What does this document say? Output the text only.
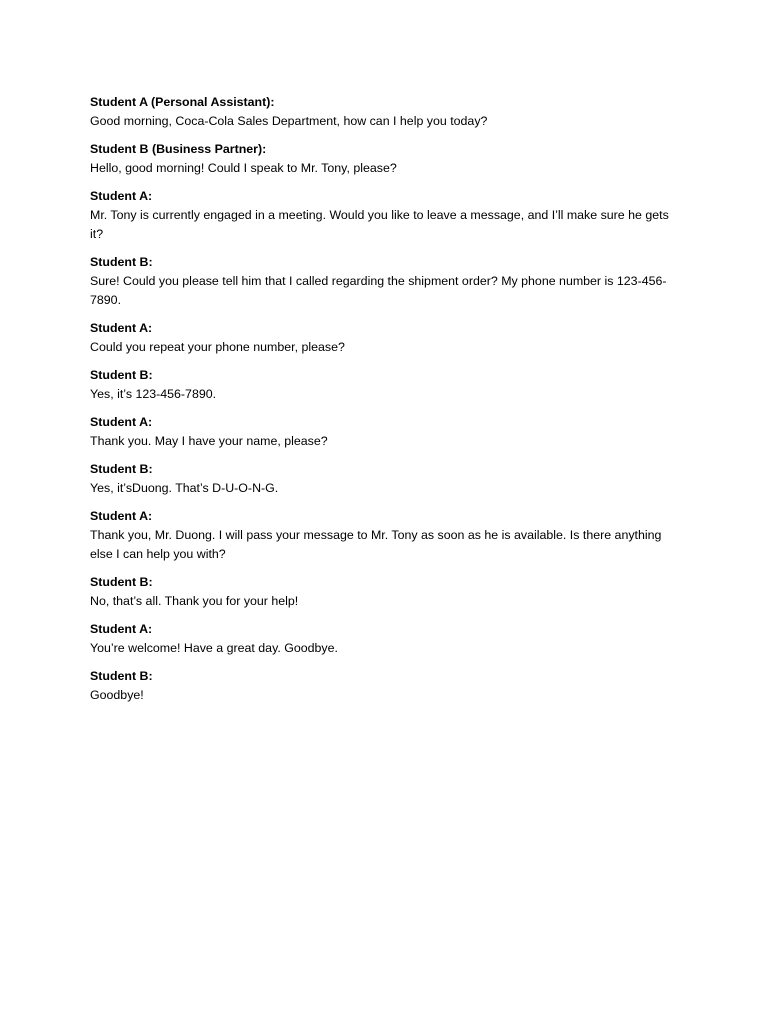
Student A (Personal Assistant):
Good morning, Coca-Cola Sales Department, how can I help you today?
Student B (Business Partner):
Hello, good morning! Could I speak to Mr. Tony, please?
Student A:
Mr. Tony is currently engaged in a meeting. Would you like to leave a message, and I’ll make sure he gets it?
Student B:
Sure! Could you please tell him that I called regarding the shipment order? My phone number is 123-456-7890.
Student A:
Could you repeat your phone number, please?
Student B:
Yes, it’s 123-456-7890.
Student A:
Thank you. May I have your name, please?
Student B:
Yes, it’sDuong. That’s D-U-O-N-G.
Student A:
Thank you, Mr. Duong. I will pass your message to Mr. Tony as soon as he is available. Is there anything else I can help you with?
Student B:
No, that’s all. Thank you for your help!
Student A:
You’re welcome! Have a great day. Goodbye.
Student B:
Goodbye!
